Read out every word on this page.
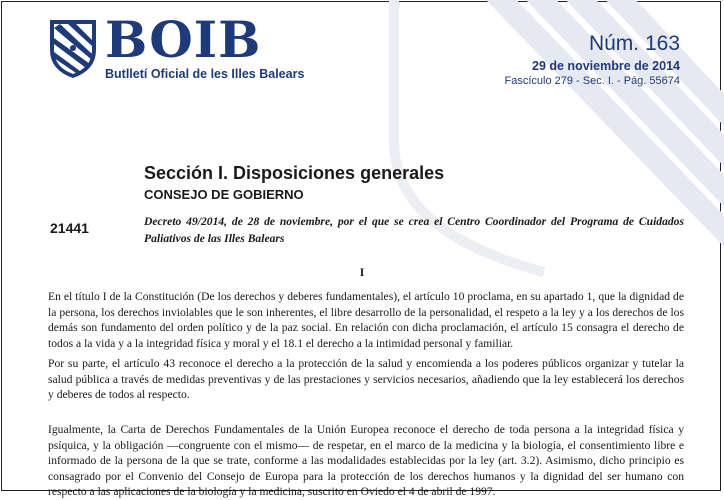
BOIB
Butlletí Oficial de les Illes Balears
Núm. 163
29 de noviembre de 2014
Fascículo 279 - Sec. I. - Pág. 55674
Sección I. Disposiciones generales
CONSEJO DE GOBIERNO
21441	Decreto 49/2014, de 28 de noviembre, por el que se crea el Centro Coordinador del Programa de Cuidados Paliativos de las Illes Balears
I
En el título I de la Constitución (De los derechos y deberes fundamentales), el artículo 10 proclama, en su apartado 1, que la dignidad de la persona, los derechos inviolables que le son inherentes, el libre desarrollo de la personalidad, el respeto a la ley y a los derechos de los demás son fundamento del orden político y de la paz social. En relación con dicha proclamación, el artículo 15 consagra el derecho de todos a la vida y a la integridad física y moral y el 18.1 el derecho a la intimidad personal y familiar.
Por su parte, el artículo 43 reconoce el derecho a la protección de la salud y encomienda a los poderes públicos organizar y tutelar la salud pública a través de medidas preventivas y de las prestaciones y servicios necesarios, añadiendo que la ley establecerá los derechos y deberes de todos al respecto.
Igualmente, la Carta de Derechos Fundamentales de la Unión Europea reconoce el derecho de toda persona a la integridad física y psíquica, y la obligación —congruente con el mismo— de respetar, en el marco de la medicina y la biología, el consentimiento libre e informado de la persona de la que se trate, conforme a las modalidades establecidas por la ley (art. 3.2). Asimismo, dicho principio es consagrado por el Convenio del Consejo de Europa para la protección de los derechos humanos y la dignidad del ser humano con respecto a las aplicaciones de la biología y la medicina, suscrito en Oviedo el 4 de abril de 1997.
